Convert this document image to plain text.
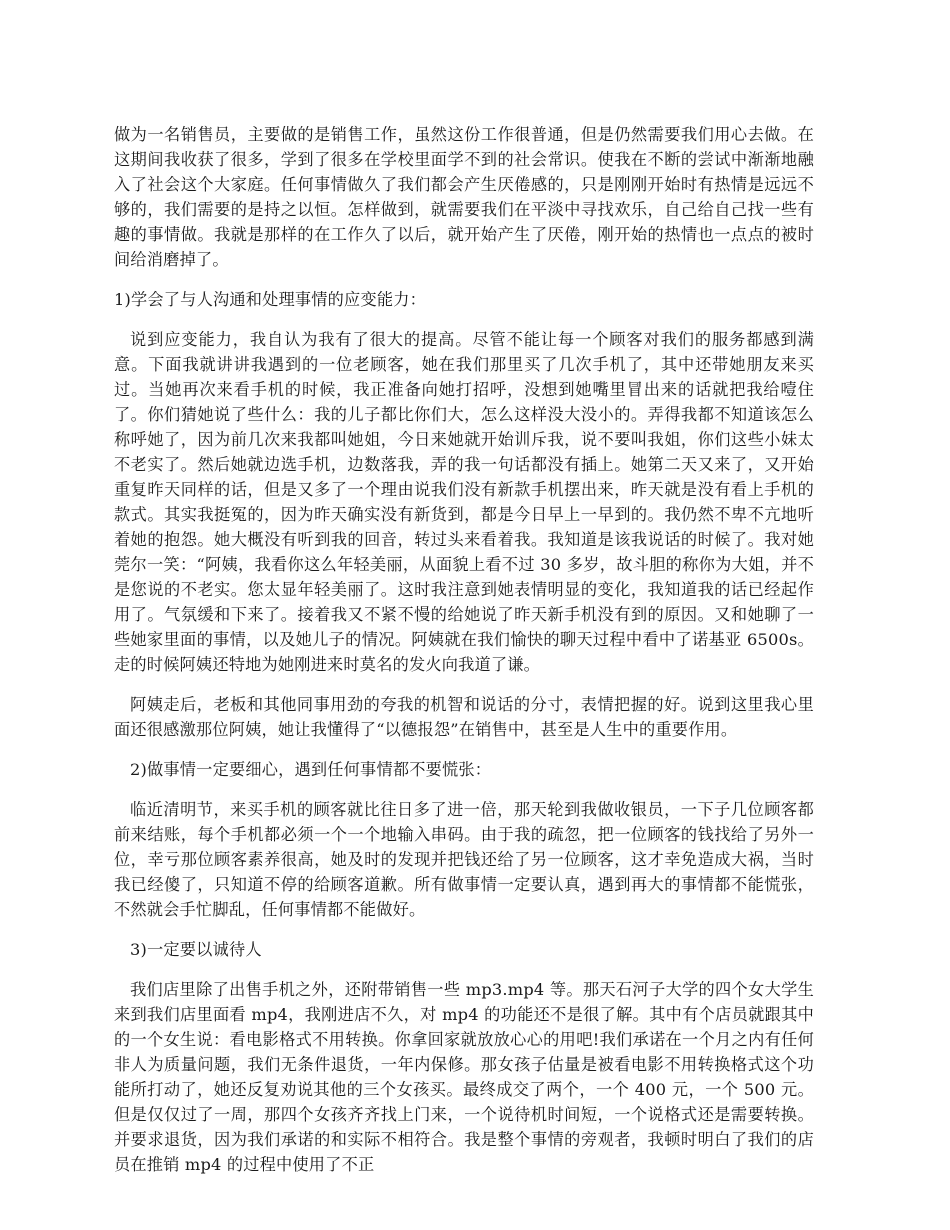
做为一名销售员，主要做的是销售工作，虽然这份工作很普通，但是仍然需要我们用心去做。在这期间我收获了很多，学到了很多在学校里面学不到的社会常识。使我在不断的尝试中渐渐地融入了社会这个大家庭。任何事情做久了我们都会产生厌倦感的，只是刚刚开始时有热情是远远不够的，我们需要的是持之以恒。怎样做到，就需要我们在平淡中寻找欢乐，自己给自己找一些有趣的事情做。我就是那样的在工作久了以后，就开始产生了厌倦，刚开始的热情也一点点的被时间给消磨掉了。

1)学会了与人沟通和处理事情的应变能力：

说到应变能力，我自认为我有了很大的提高。尽管不能让每一个顾客对我们的服务都感到满意。下面我就讲讲我遇到的一位老顾客，她在我们那里买了几次手机了，其中还带她朋友来买过。当她再次来看手机的时候，我正准备向她打招呼，没想到她嘴里冒出来的话就把我给噎住了。你们猜她说了些什么：我的儿子都比你们大，怎么这样没大没小的。弄得我都不知道该怎么称呼她了，因为前几次来我都叫她姐，今日来她就开始训斥我，说不要叫我姐，你们这些小妹太不老实了。然后她就边选手机，边数落我，弄的我一句话都没有插上。她第二天又来了，又开始重复昨天同样的话，但是又多了一个理由说我们没有新款手机摆出来，昨天就是没有看上手机的款式。其实我挺冤的，因为昨天确实没有新货到，都是今日早上一早到的。我仍然不卑不亢地听着她的抱怨。她大概没有听到我的回音，转过头来看着我。我知道是该我说话的时候了。我对她莞尔一笑：“阿姨，我看你这么年轻美丽，从面貌上看不过 30 多岁，故斗胆的称你为大姐，并不是您说的不老实。您太显年轻美丽了。这时我注意到她表情明显的变化，我知道我的话已经起作用了。气氛缓和下来了。接着我又不紧不慢的给她说了昨天新手机没有到的原因。又和她聊了一些她家里面的事情，以及她儿子的情况。阿姨就在我们愉快的聊天过程中看中了诺基亚 6500s。走的时候阿姨还特地为她刚进来时莫名的发火向我道了谦。

阿姨走后，老板和其他同事用劲的夸我的机智和说话的分寸，表情把握的好。说到这里我心里面还很感激那位阿姨，她让我懂得了“以德报怨”在销售中，甚至是人生中的重要作用。

2)做事情一定要细心，遇到任何事情都不要慌张：

临近清明节，来买手机的顾客就比往日多了进一倍，那天轮到我做收银员，一下子几位顾客都前来结账，每个手机都必须一个一个地输入串码。由于我的疏忽，把一位顾客的钱找给了另外一位，幸亏那位顾客素养很高，她及时的发现并把钱还给了另一位顾客，这才幸免造成大祸，当时我已经傻了，只知道不停的给顾客道歉。所有做事情一定要认真，遇到再大的事情都不能慌张，不然就会手忙脚乱，任何事情都不能做好。

3)一定要以诚待人

我们店里除了出售手机之外，还附带销售一些 mp3.mp4 等。那天石河子大学的四个女大学生来到我们店里面看 mp4，我刚进店不久，对 mp4 的功能还不是很了解。其中有个店员就跟其中的一个女生说：看电影格式不用转换。你拿回家就放放心心的用吧!我们承诺在一个月之内有任何非人为质量问题，我们无条件退货，一年内保修。那女孩子估量是被看电影不用转换格式这个功能所打动了，她还反复劝说其他的三个女孩买。最终成交了两个，一个 400 元，一个 500 元。但是仅仅过了一周，那四个女孩齐齐找上门来，一个说待机时间短，一个说格式还是需要转换。并要求退货，因为我们承诺的和实际不相符合。我是整个事情的旁观者，我顿时明白了我们的店员在推销 mp4 的过程中使用了不正
